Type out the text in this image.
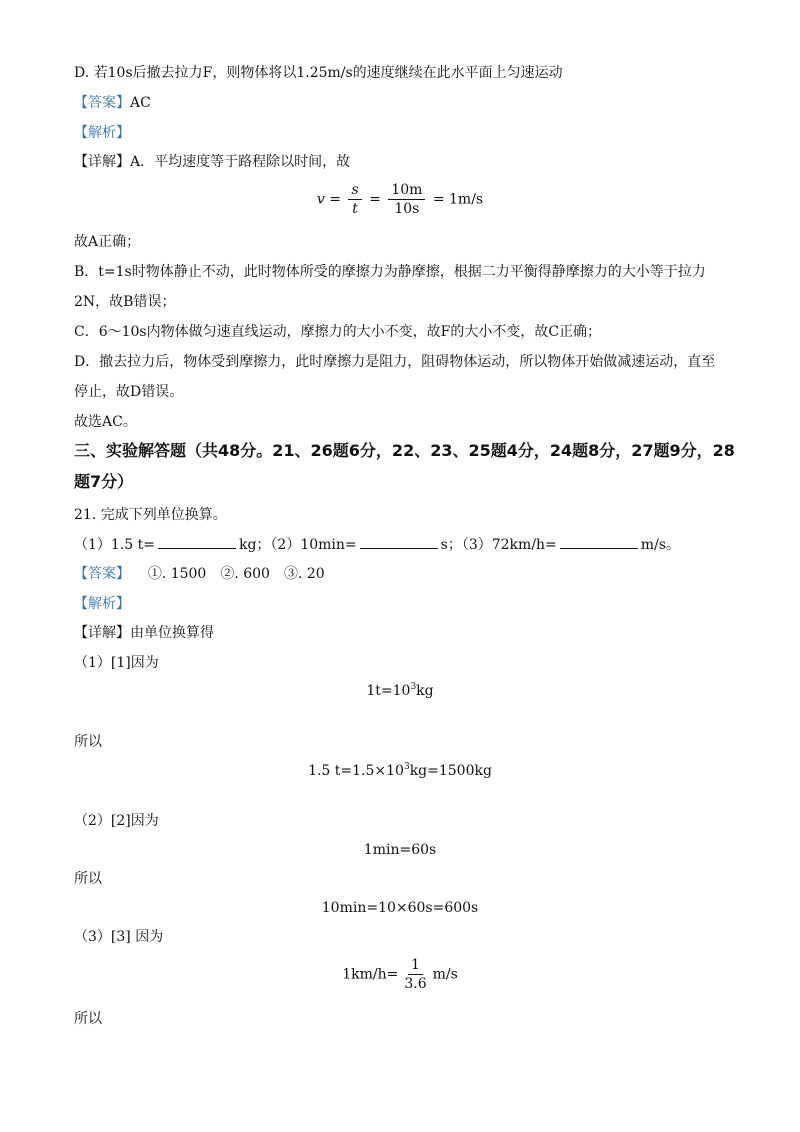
D. 若10s后撤去拉力F，则物体将以1.25m/s的速度继续在此水平面上匀速运动
【答案】AC
【解析】
【详解】A．平均速度等于路程除以时间，故
$v = \frac{s}{t} = \frac{10m}{10s} = 1m/s$
故A正确；
B．t=1s时物体静止不动，此时物体所受的摩擦力为静摩擦，根据二力平衡得静摩擦力的大小等于拉力
2N，故B错误；
C．6～10s内物体做匀速直线运动，摩擦力的大小不变，故F的大小不变，故C正确；
D．撤去拉力后，物体受到摩擦力，此时摩擦力是阻力，阻碍物体运动，所以物体开始做减速运动，直至
停止，故D错误。
故选AC。
三、实验解答题（共48分。21、26题6分，22、23、25题4分，24题8分，27题9分，28
题7分）
21. 完成下列单位换算。
（1）1.5 t=	kg；（2）10min=	s；（3）72km/h=	m/s。
【答案】 ①. 1500　②. 600　③. 20
【解析】
【详解】由单位换算得
（1）[1]因为
$1t=10^3kg$
所以
1.5 $t=1.5\times 10^3kg=1500kg$
（2）[2]因为
1min=60s
所以
10min=10×60s=600s
（3）[3] 因为
$1km/h= \frac{1}{3.6} m/s$
所以
